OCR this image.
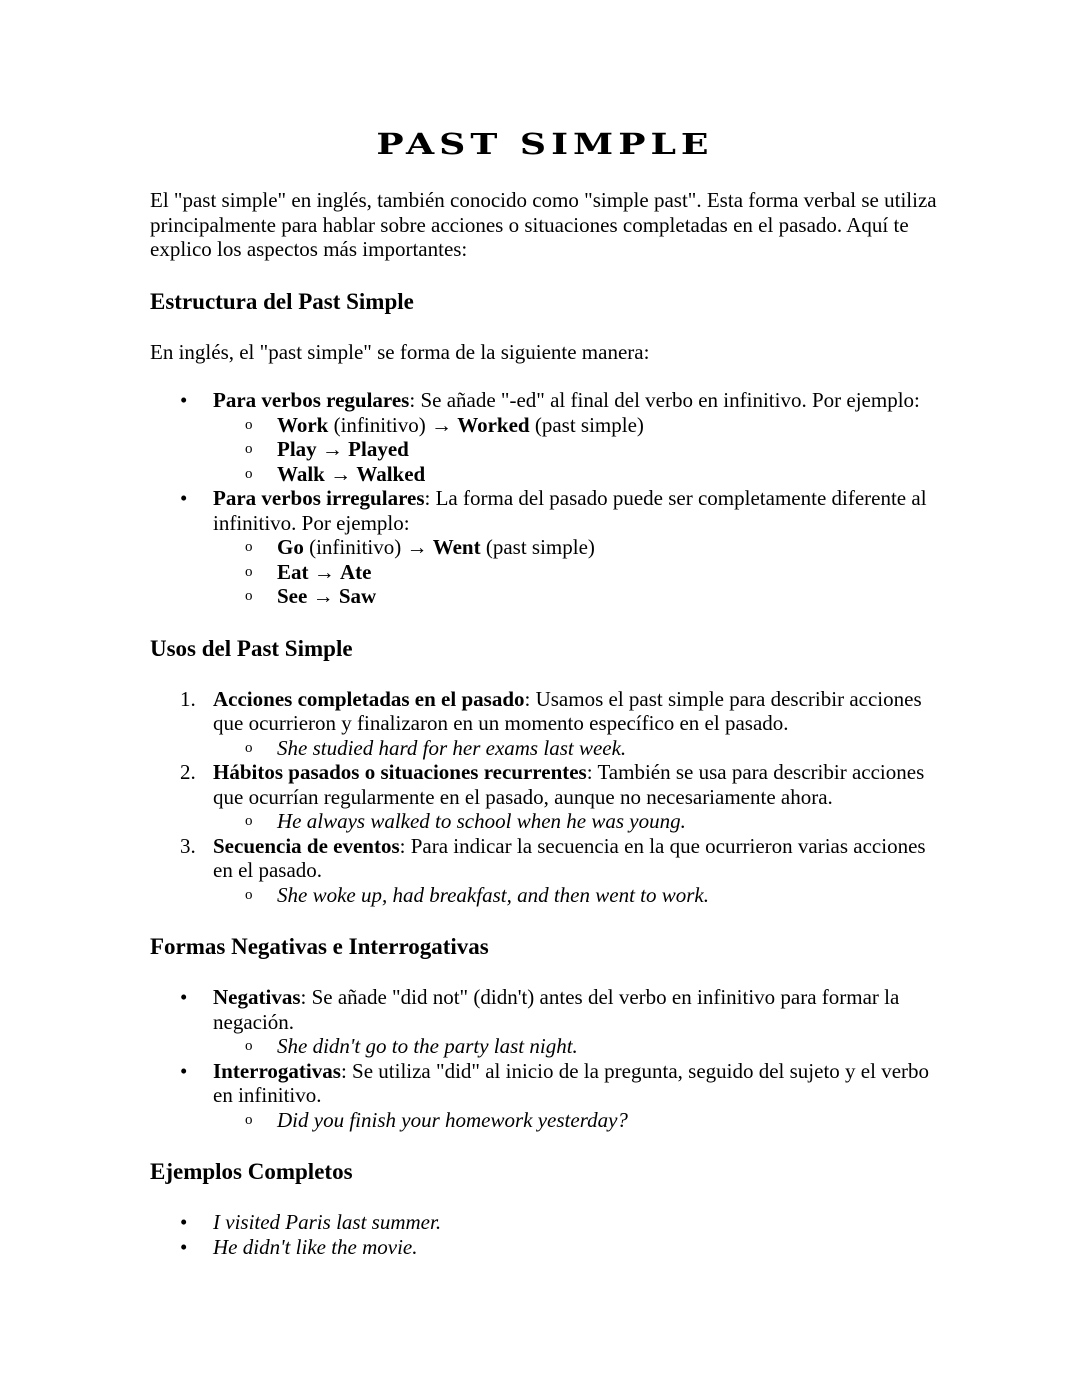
PAST SIMPLE

El "past simple" en inglés, también conocido como "simple past". Esta forma verbal se utiliza principalmente para hablar sobre acciones o situaciones completadas en el pasado. Aquí te explico los aspectos más importantes:

Estructura del Past Simple

En inglés, el "past simple" se forma de la siguiente manera:

• Para verbos regulares: Se añade "-ed" al final del verbo en infinitivo. Por ejemplo:
o Work (infinitivo) → Worked (past simple)
o Play → Played
o Walk → Walked
• Para verbos irregulares: La forma del pasado puede ser completamente diferente al infinitivo. Por ejemplo:
o Go (infinitivo) → Went (past simple)
o Eat → Ate
o See → Saw
Usos del Past Simple
1. Acciones completadas en el pasado: Usamos el past simple para describir acciones que ocurrieron y finalizaron en un momento específico en el pasado.
o She studied hard for her exams last week.
2. Hábitos pasados o situaciones recurrentes: También se usa para describir acciones que ocurrían regularmente en el pasado, aunque no necesariamente ahora.
o He always walked to school when he was young.
3. Secuencia de eventos: Para indicar la secuencia en la que ocurrieron varias acciones en el pasado.
o She woke up, had breakfast, and then went to work.
Formas Negativas e Interrogativas
• Negativas: Se añade "did not" (didn't) antes del verbo en infinitivo para formar la negación.
o She didn't go to the party last night.
• Interrogativas: Se utiliza "did" al inicio de la pregunta, seguido del sujeto y el verbo en infinitivo.
o Did you finish your homework yesterday?
Ejemplos Completos
• I visited Paris last summer.
• He didn't like the movie.
